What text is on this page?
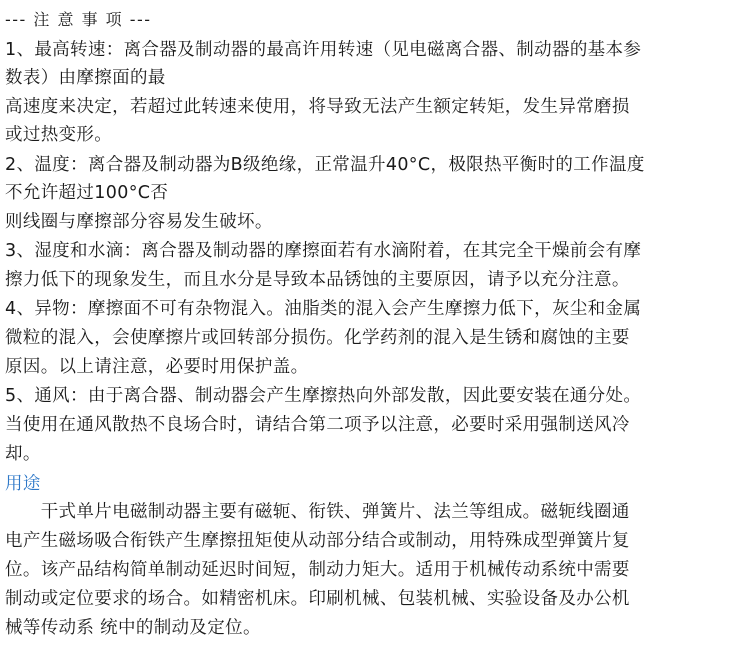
--- 注 意 事 项 ---
1、最高转速：离合器及制动器的最高许用转速（见电磁离合器、制动器的基本参
数表）由摩擦面的最
高速度来决定，若超过此转速来使用，将导致无法产生额定转矩，发生异常磨损
或过热变形。
2、温度：离合器及制动器为B级绝缘，正常温升40°C，极限热平衡时的工作温度
不允许超过100°C否
则线圈与摩擦部分容易发生破坏。
3、湿度和水滴：离合器及制动器的摩擦面若有水滴附着，在其完全干燥前会有摩
擦力低下的现象发生，而且水分是导致本品锈蚀的主要原因，请予以充分注意。
4、异物：摩擦面不可有杂物混入。油脂类的混入会产生摩擦力低下，灰尘和金属
微粒的混入，会使摩擦片或回转部分损伤。化学药剂的混入是生锈和腐蚀的主要
原因。以上请注意，必要时用保护盖。
5、通风：由于离合器、制动器会产生摩擦热向外部发散，因此要安装在通分处。
当使用在通风散热不良场合时，请结合第二项予以注意，必要时采用强制送风冷
却。
用途
　　干式单片电磁制动器主要有磁轭、衔铁、弹簧片、法兰等组成。磁轭线圈通
电产生磁场吸合衔铁产生摩擦扭矩使从动部分结合或制动，用特殊成型弹簧片复
位。该产品结构简单制动延迟时间短，制动力矩大。适用于机械传动系统中需要
制动或定位要求的场合。如精密机床。印刷机械、包装机械、实验设备及办公机
械等传动系 统中的制动及定位。
